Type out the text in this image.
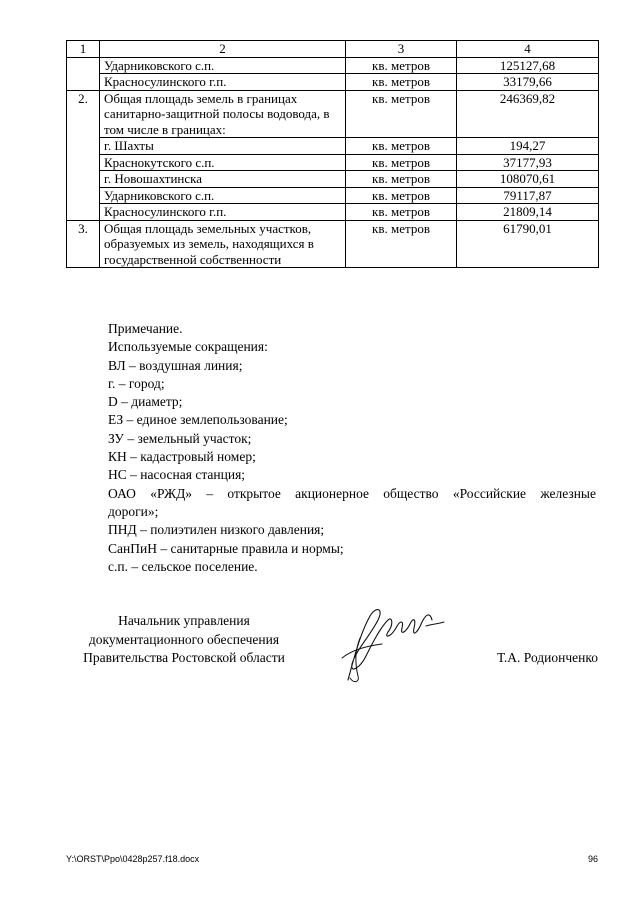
1	2	3	4
	Ударниковского с.п.	кв. метров	125127,68
	Красносулинского г.п.	кв. метров	33179,66
2.	Общая площадь земель в границах санитарно-защитной полосы водовода, в том числе в границах:	кв. метров	246369,82
	г. Шахты	кв. метров	194,27
	Краснокутского с.п.	кв. метров	37177,93
	г. Новошахтинска	кв. метров	108070,61
	Ударниковского с.п.	кв. метров	79117,87
	Красносулинского г.п.	кв. метров	21809,14
3.	Общая площадь земельных участков, образуемых из земель, находящихся в государственной собственности	кв. метров	61790,01
Примечание.
Используемые сокращения:
ВЛ – воздушная линия;
г. – город;
D – диаметр;
ЕЗ – единое землепользование;
ЗУ – земельный участок;
КН – кадастровый номер;
НС – насосная станция;
ОАО «РЖД» – открытое акционерное общество «Российские железные
дороги»;
ПНД – полиэтилен низкого давления;
СанПиН – санитарные правила и нормы;
с.п. – сельское поселение.
Начальник управления
документационного обеспечения
Правительства Ростовской области	Т.А. Родионченко
Y:\ORST\Ppo\0428p257.f18.docx	96
